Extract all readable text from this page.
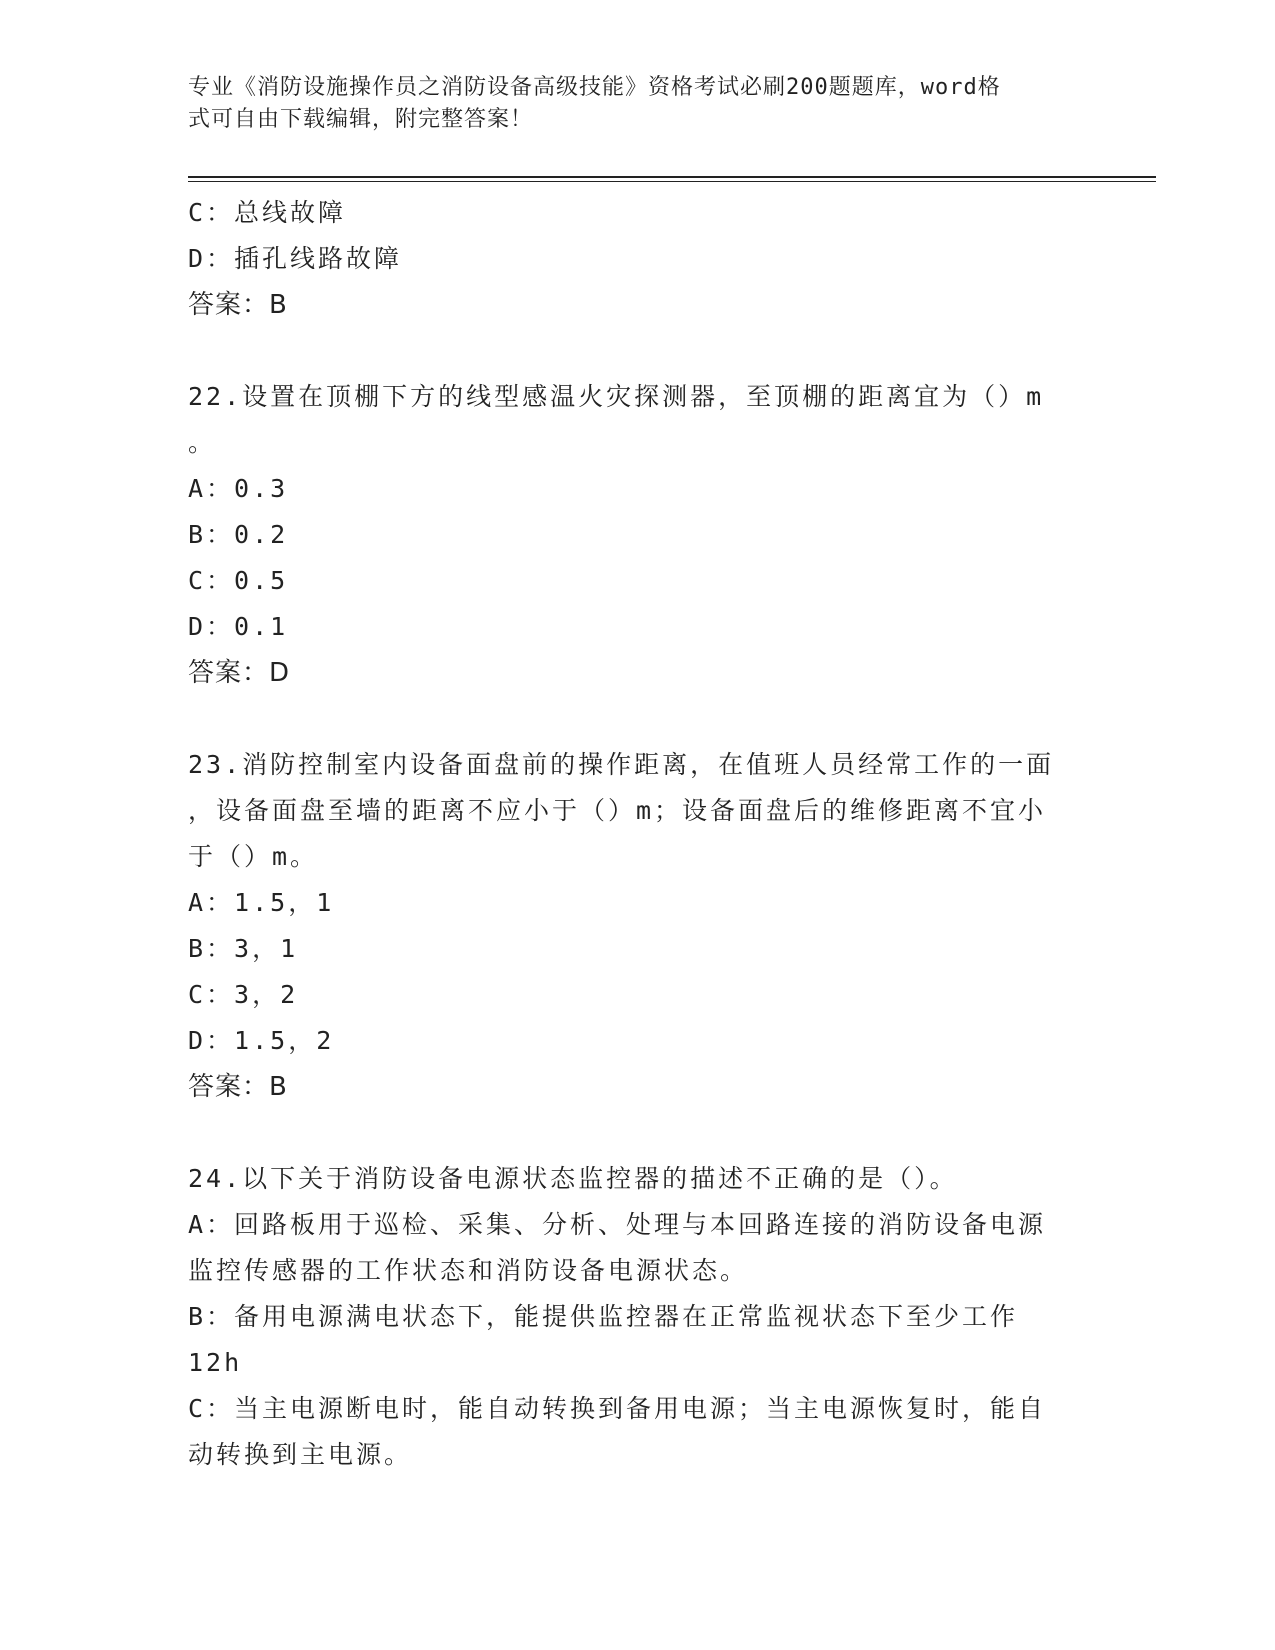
专业《消防设施操作员之消防设备高级技能》资格考试必刷200题题库，word格
式可自由下载编辑，附完整答案！
C：总线故障
D：插孔线路故障
答案：B
22.设置在顶棚下方的线型感温火灾探测器，至顶棚的距离宜为（）m
。
A：0.3
B：0.2
C：0.5
D：0.1
答案：D
23.消防控制室内设备面盘前的操作距离，在值班人员经常工作的一面
，设备面盘至墙的距离不应小于（）m；设备面盘后的维修距离不宜小
于（）m。
A：1.5，1
B：3，1
C：3，2
D：1.5，2
答案：B
24.以下关于消防设备电源状态监控器的描述不正确的是（）。
A：回路板用于巡检、采集、分析、处理与本回路连接的消防设备电源
监控传感器的工作状态和消防设备电源状态。
B：备用电源满电状态下，能提供监控器在正常监视状态下至少工作
12h
C：当主电源断电时，能自动转换到备用电源；当主电源恢复时，能自
动转换到主电源。
